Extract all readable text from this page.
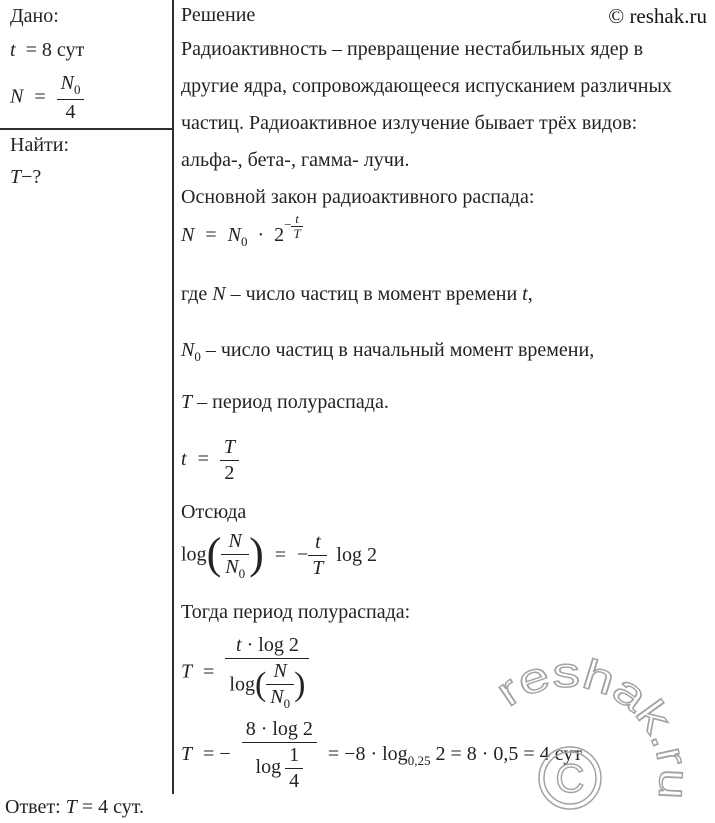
© reshak.ru
Дано:
t = 8 сут
$N = \frac{N_0}{4}$
Найти:
T−?
Решение
Радиоактивность – превращение нестабильных ядер в
другие ядра, сопровождающееся испусканием различных
частиц. Радиоактивное излучение бывает трёх видов:
альфа-, бета-, гамма- лучи.
Основной закон радиоактивного распада:
$N = N_0 \cdot 2- \frac{t}{T}$
где N – число частиц в момент времени t,
$N_0$ – число частиц в начальный момент времени,
T – период полураспада.
$t = \frac{T}{2}$
Отсюда
$\log( \frac{N}{N_0}$ ) = − $\frac{t}{T}$ log 2
Тогда период полураспада:
$T = \frac{t \cdot \log 2}{\log( \frac{N}{N_0} )}$
T = − $\frac{8 \cdot \log 2}{\log \frac{1}{4}} = -8 \cdot \log_{0,25} 2 = 8 \cdot 0,5 = 4$ сут
Ответ: T = 4 сут.
reshak.ru
C
